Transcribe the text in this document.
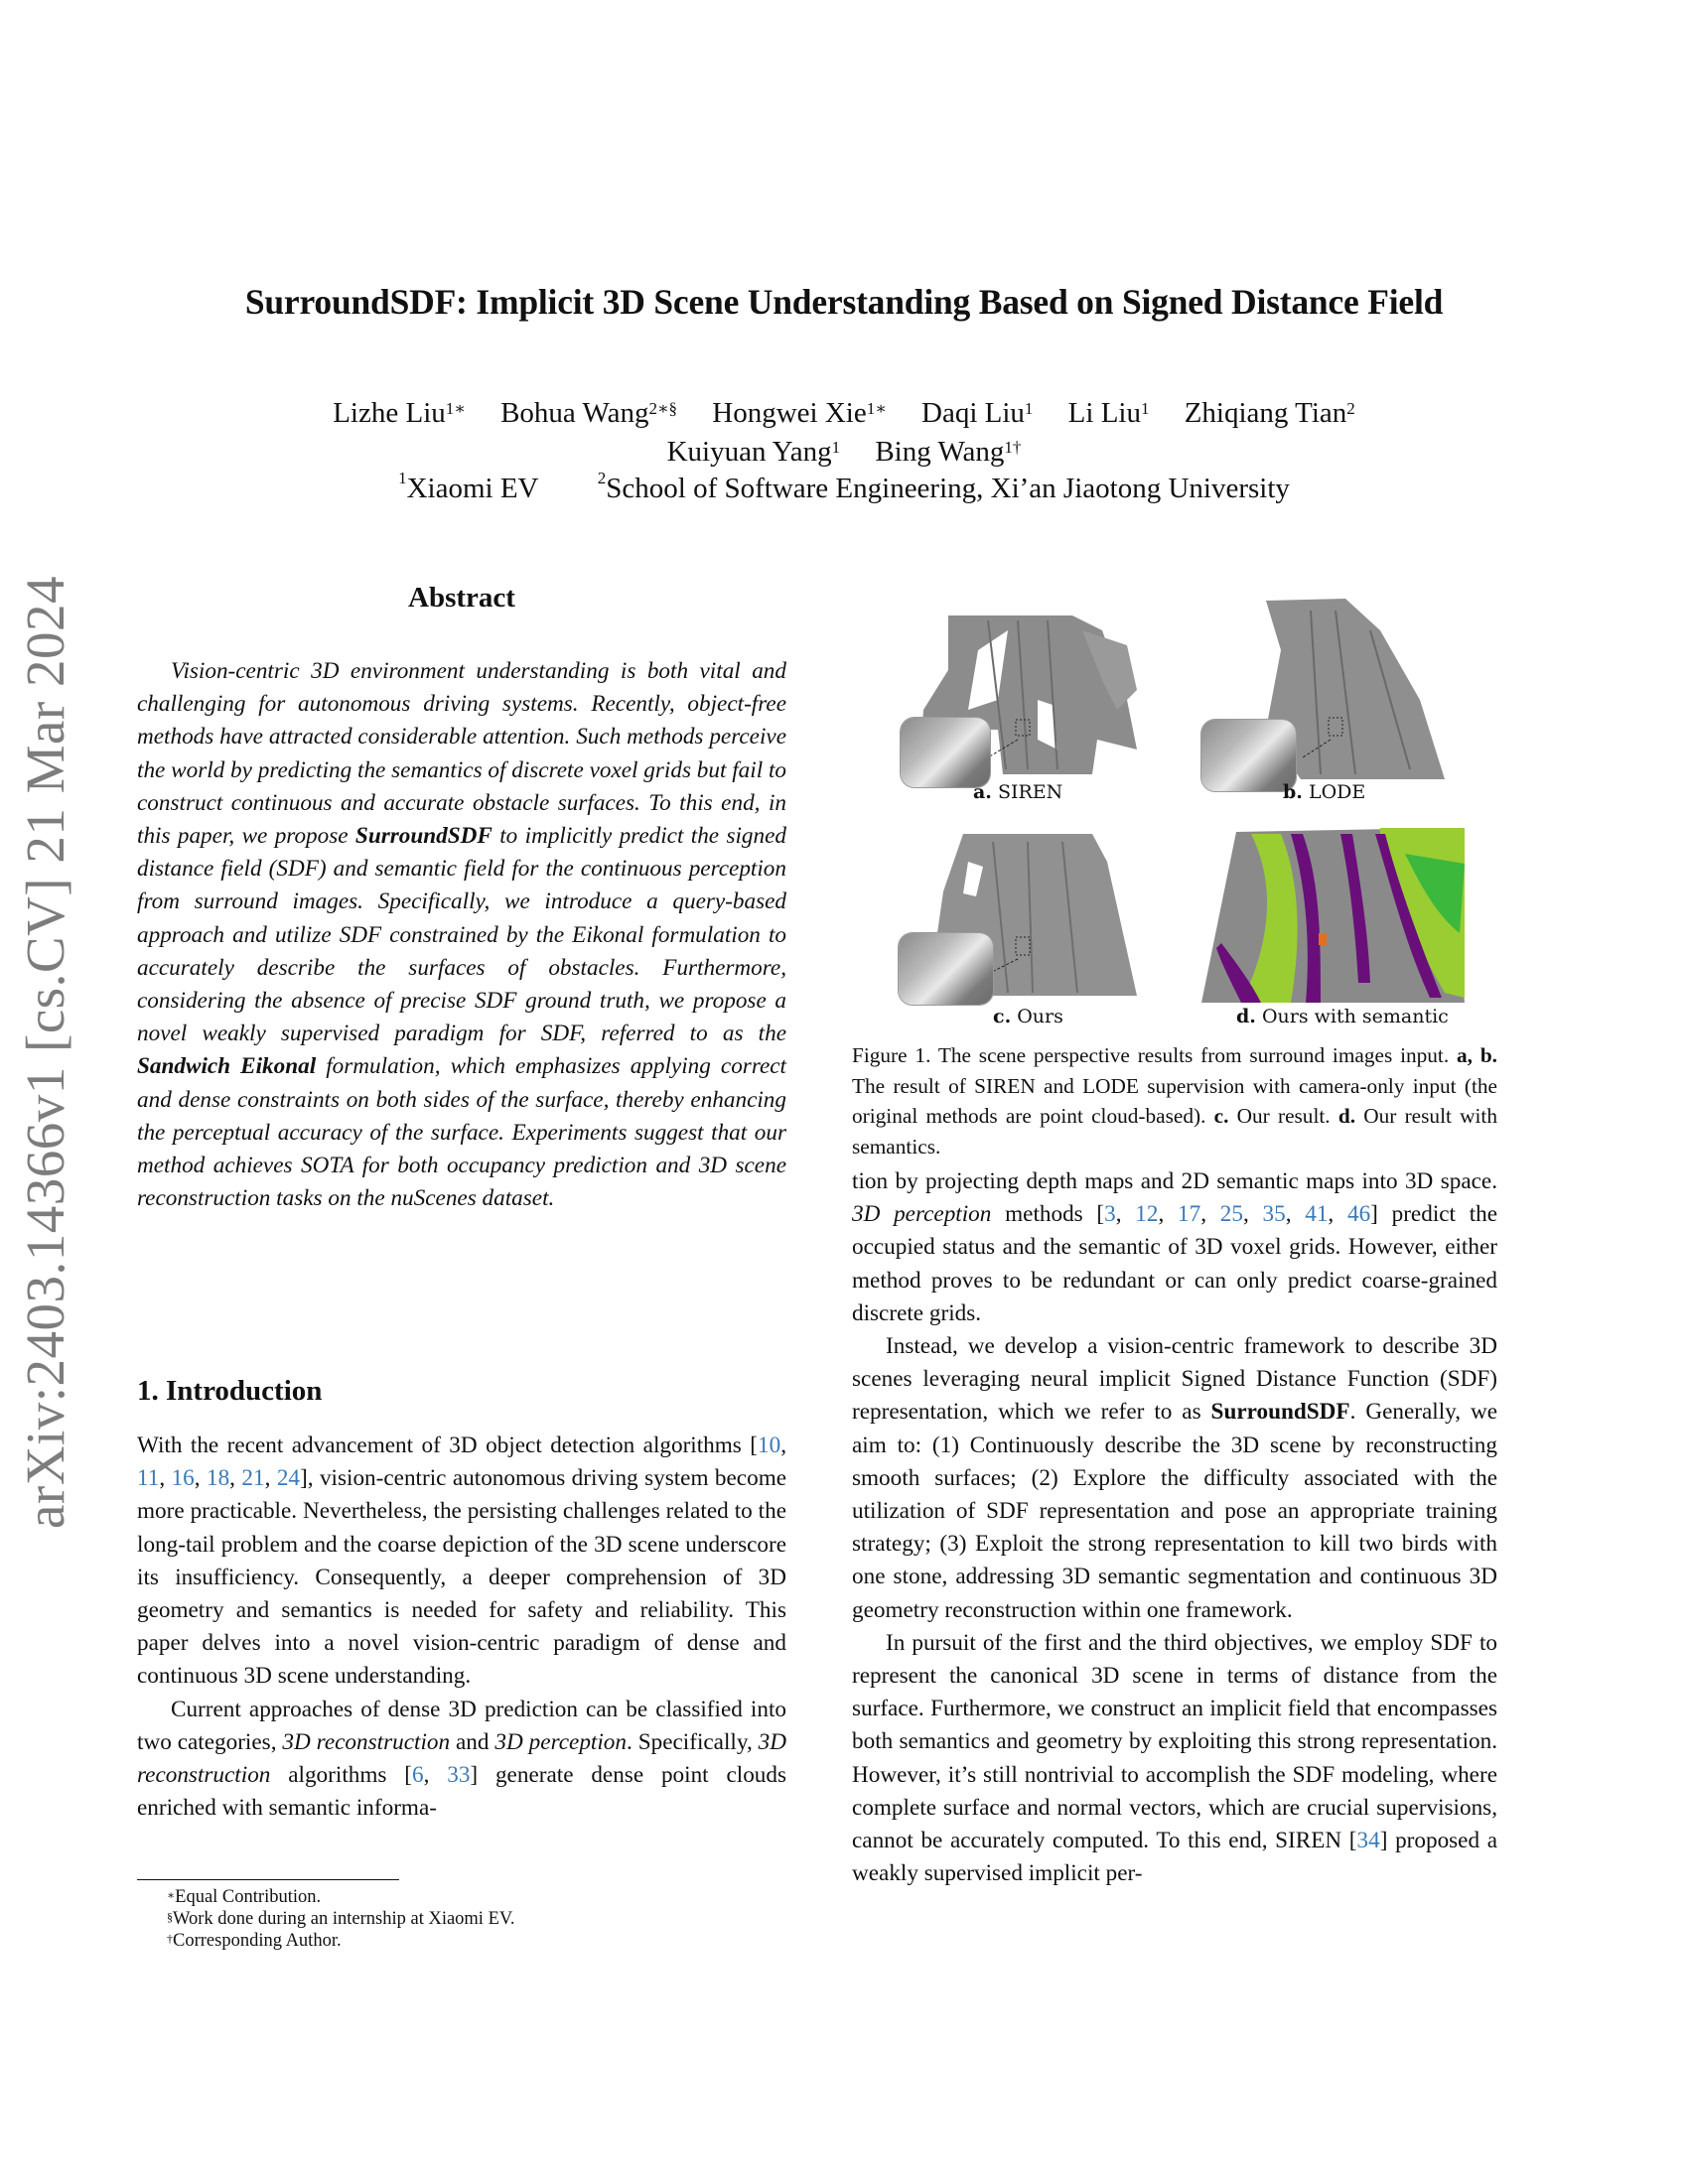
arXiv:2403.14366v1 [cs.CV] 21 Mar 2024
SurroundSDF: Implicit 3D Scene Understanding Based on Signed Distance Field
Lizhe Liu$^{1∗}$ Bohua Wang$^{2∗\S}$ Hongwei Xie$^{1∗}$ Daqi Liu$^1$ Li Liu$^1$ Zhiqiang Tian$^2$
Kuiyuan Yang$^1$ Bing Wang$^{1\dagger}$
$^1$Xiaomi EV	$^2$School of Software Engineering, Xi’an Jiaotong University
Abstract

Vision-centric 3D environment understanding is both vital and challenging for autonomous driving systems. Recently, object-free methods have attracted considerable attention. Such methods perceive the world by predicting the semantics of discrete voxel grids but fail to construct continuous and accurate obstacle surfaces. To this end, in this paper, we propose SurroundSDF to implicitly predict the signed distance field (SDF) and semantic field for the continuous perception from surround images. Specifically, we introduce a query-based approach and utilize SDF constrained by the Eikonal formulation to accurately describe the surfaces of obstacles. Furthermore, considering the absence of precise SDF ground truth, we propose a novel weakly supervised paradigm for SDF, referred to as the Sandwich Eikonal formulation, which emphasizes applying correct and dense constraints on both sides of the surface, thereby enhancing the perceptual accuracy of the surface. Experiments suggest that our method achieves SOTA for both occupancy prediction and 3D scene reconstruction tasks on the nuScenes dataset.

1. Introduction

With the recent advancement of 3D object detection algorithms [10, 11, 16, 18, 21, 24], vision-centric autonomous driving system become more practicable. Nevertheless, the persisting challenges related to the long-tail problem and the coarse depiction of the 3D scene underscore its insufficiency. Consequently, a deeper comprehension of 3D geometry and semantics is needed for safety and reliability. This paper delves into a novel vision-centric paradigm of dense and continuous 3D scene understanding.

Current approaches of dense 3D prediction can be classified into two categories, 3D reconstruction and 3D perception. Specifically, 3D reconstruction algorithms [6, 33] generate dense point clouds enriched with semantic informa-

∗Equal Contribution.
§Work done during an internship at Xiaomi EV.
†Corresponding Author.
a. SIREN	b. LODE
c. Ours	d. Ours with semantic

Figure 1. The scene perspective results from surround images input. a, b. The result of SIREN and LODE supervision with camera-only input (the original methods are point cloud-based). c. Our result. d. Our result with semantics.

tion by projecting depth maps and 2D semantic maps into 3D space. 3D perception methods [3, 12, 17, 25, 35, 41, 46] predict the occupied status and the semantic of 3D voxel grids. However, either method proves to be redundant or can only predict coarse-grained discrete grids.

Instead, we develop a vision-centric framework to describe 3D scenes leveraging neural implicit Signed Distance Function (SDF) representation, which we refer to as SurroundSDF. Generally, we aim to: (1) Continuously describe the 3D scene by reconstructing smooth surfaces; (2) Explore the difficulty associated with the utilization of SDF representation and pose an appropriate training strategy; (3) Exploit the strong representation to kill two birds with one stone, addressing 3D semantic segmentation and continuous 3D geometry reconstruction within one framework.

In pursuit of the first and the third objectives, we employ SDF to represent the canonical 3D scene in terms of distance from the surface. Furthermore, we construct an implicit field that encompasses both semantics and geometry by exploiting this strong representation. However, it’s still nontrivial to accomplish the SDF modeling, where complete surface and normal vectors, which are crucial supervisions, cannot be accurately computed. To this end, SIREN [34] proposed a weakly supervised implicit per-
